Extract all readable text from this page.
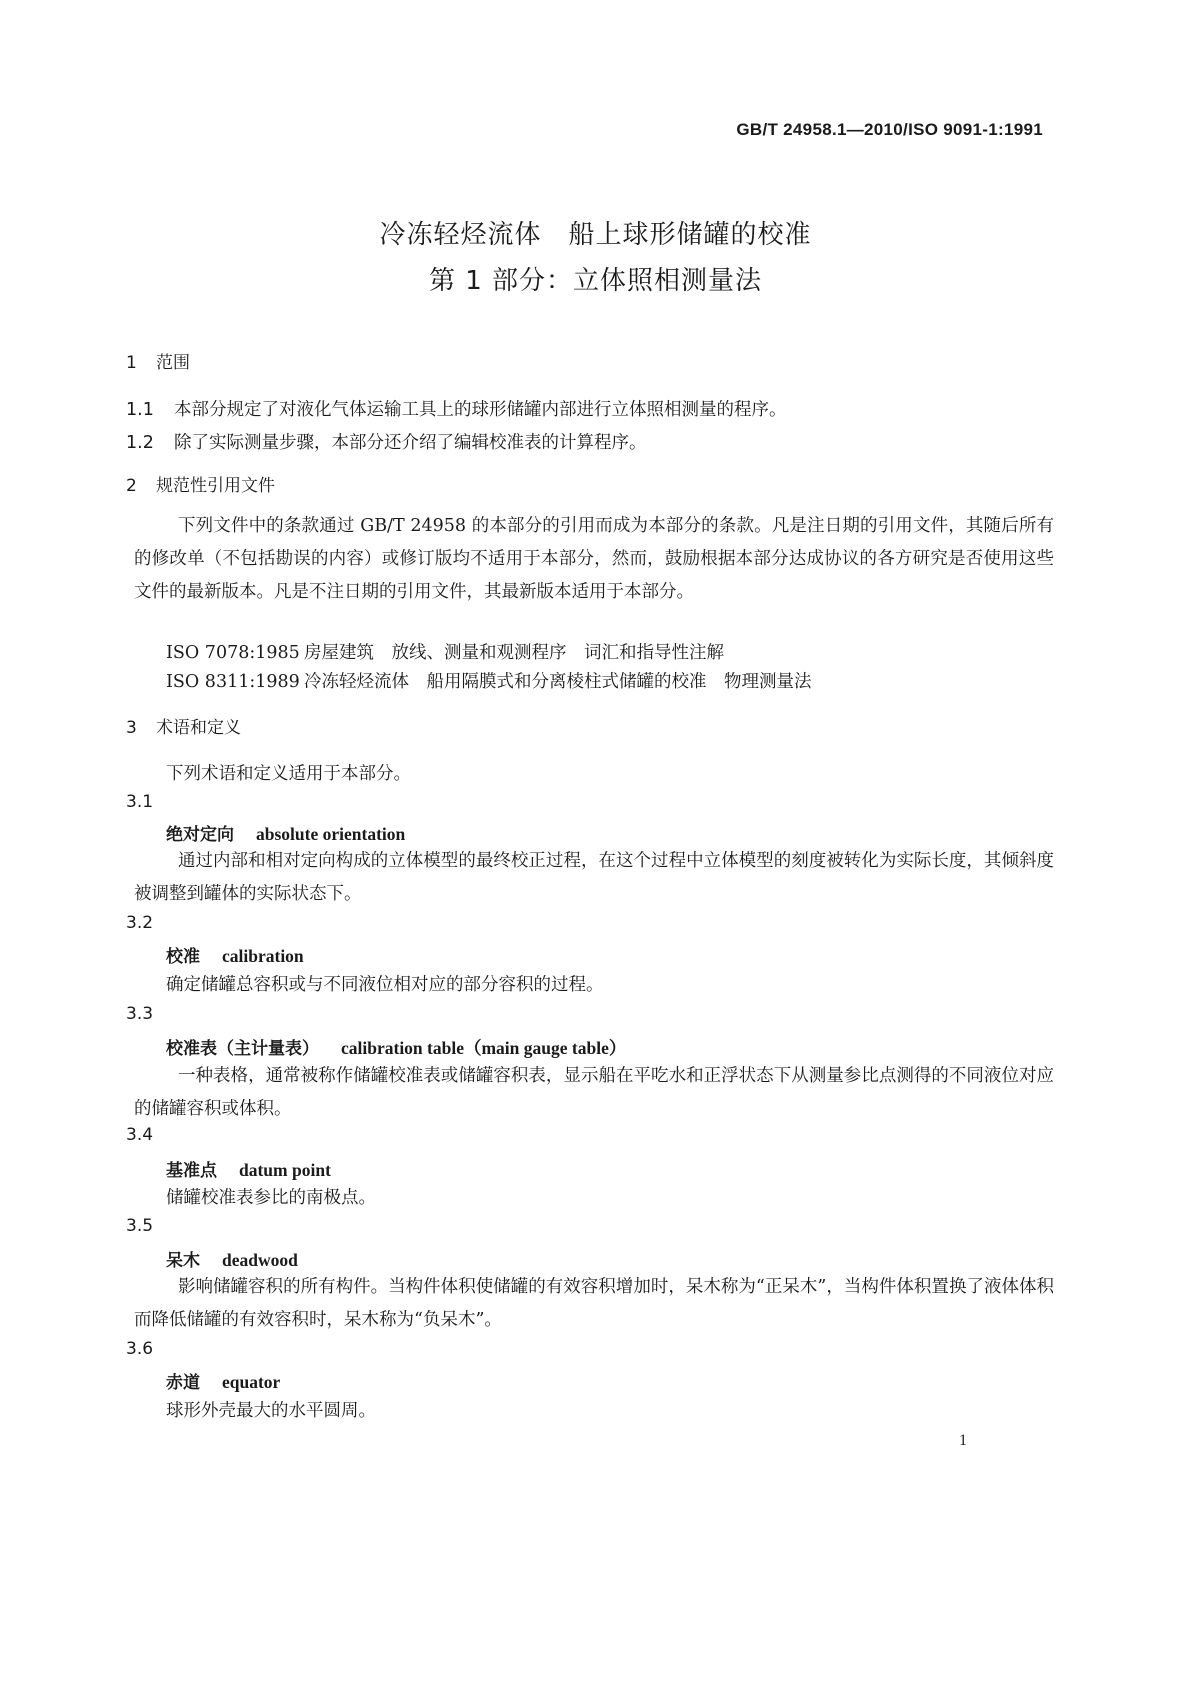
GB/T 24958.1—2010/ISO 9091-1:1991
冷冻轻烃流体　船上球形储罐的校准
第 1 部分：立体照相测量法
1 范围
1.1 本部分规定了对液化气体运输工具上的球形储罐内部进行立体照相测量的程序。
1.2 除了实际测量步骤，本部分还介绍了编辑校准表的计算程序。
2 规范性引用文件
下列文件中的条款通过 GB/T 24958 的本部分的引用而成为本部分的条款。凡是注日期的引用文件，其随后所有的修改单（不包括勘误的内容）或修订版均不适用于本部分，然而，鼓励根据本部分达成协议的各方研究是否使用这些文件的最新版本。凡是不注日期的引用文件，其最新版本适用于本部分。
ISO 7078:1985 房屋建筑　放线、测量和观测程序　词汇和指导性注解
ISO 8311:1989 冷冻轻烃流体　船用隔膜式和分离棱柱式储罐的校准　物理测量法
3 术语和定义
下列术语和定义适用于本部分。
3.1
绝对定向 absolute orientation
通过内部和相对定向构成的立体模型的最终校正过程，在这个过程中立体模型的刻度被转化为实际长度，其倾斜度被调整到罐体的实际状态下。
3.2
校准 calibration
确定储罐总容积或与不同液位相对应的部分容积的过程。
3.3
校准表（主计量表） calibration table（main gauge table）
一种表格，通常被称作储罐校准表或储罐容积表，显示船在平吃水和正浮状态下从测量参比点测得的不同液位对应的储罐容积或体积。
3.4
基准点 datum point
储罐校准表参比的南极点。
3.5
呆木 deadwood
影响储罐容积的所有构件。当构件体积使储罐的有效容积增加时，呆木称为“正呆木”，当构件体积置换了液体体积而降低储罐的有效容积时，呆木称为“负呆木”。
3.6
赤道 equator
球形外壳最大的水平圆周。
1
